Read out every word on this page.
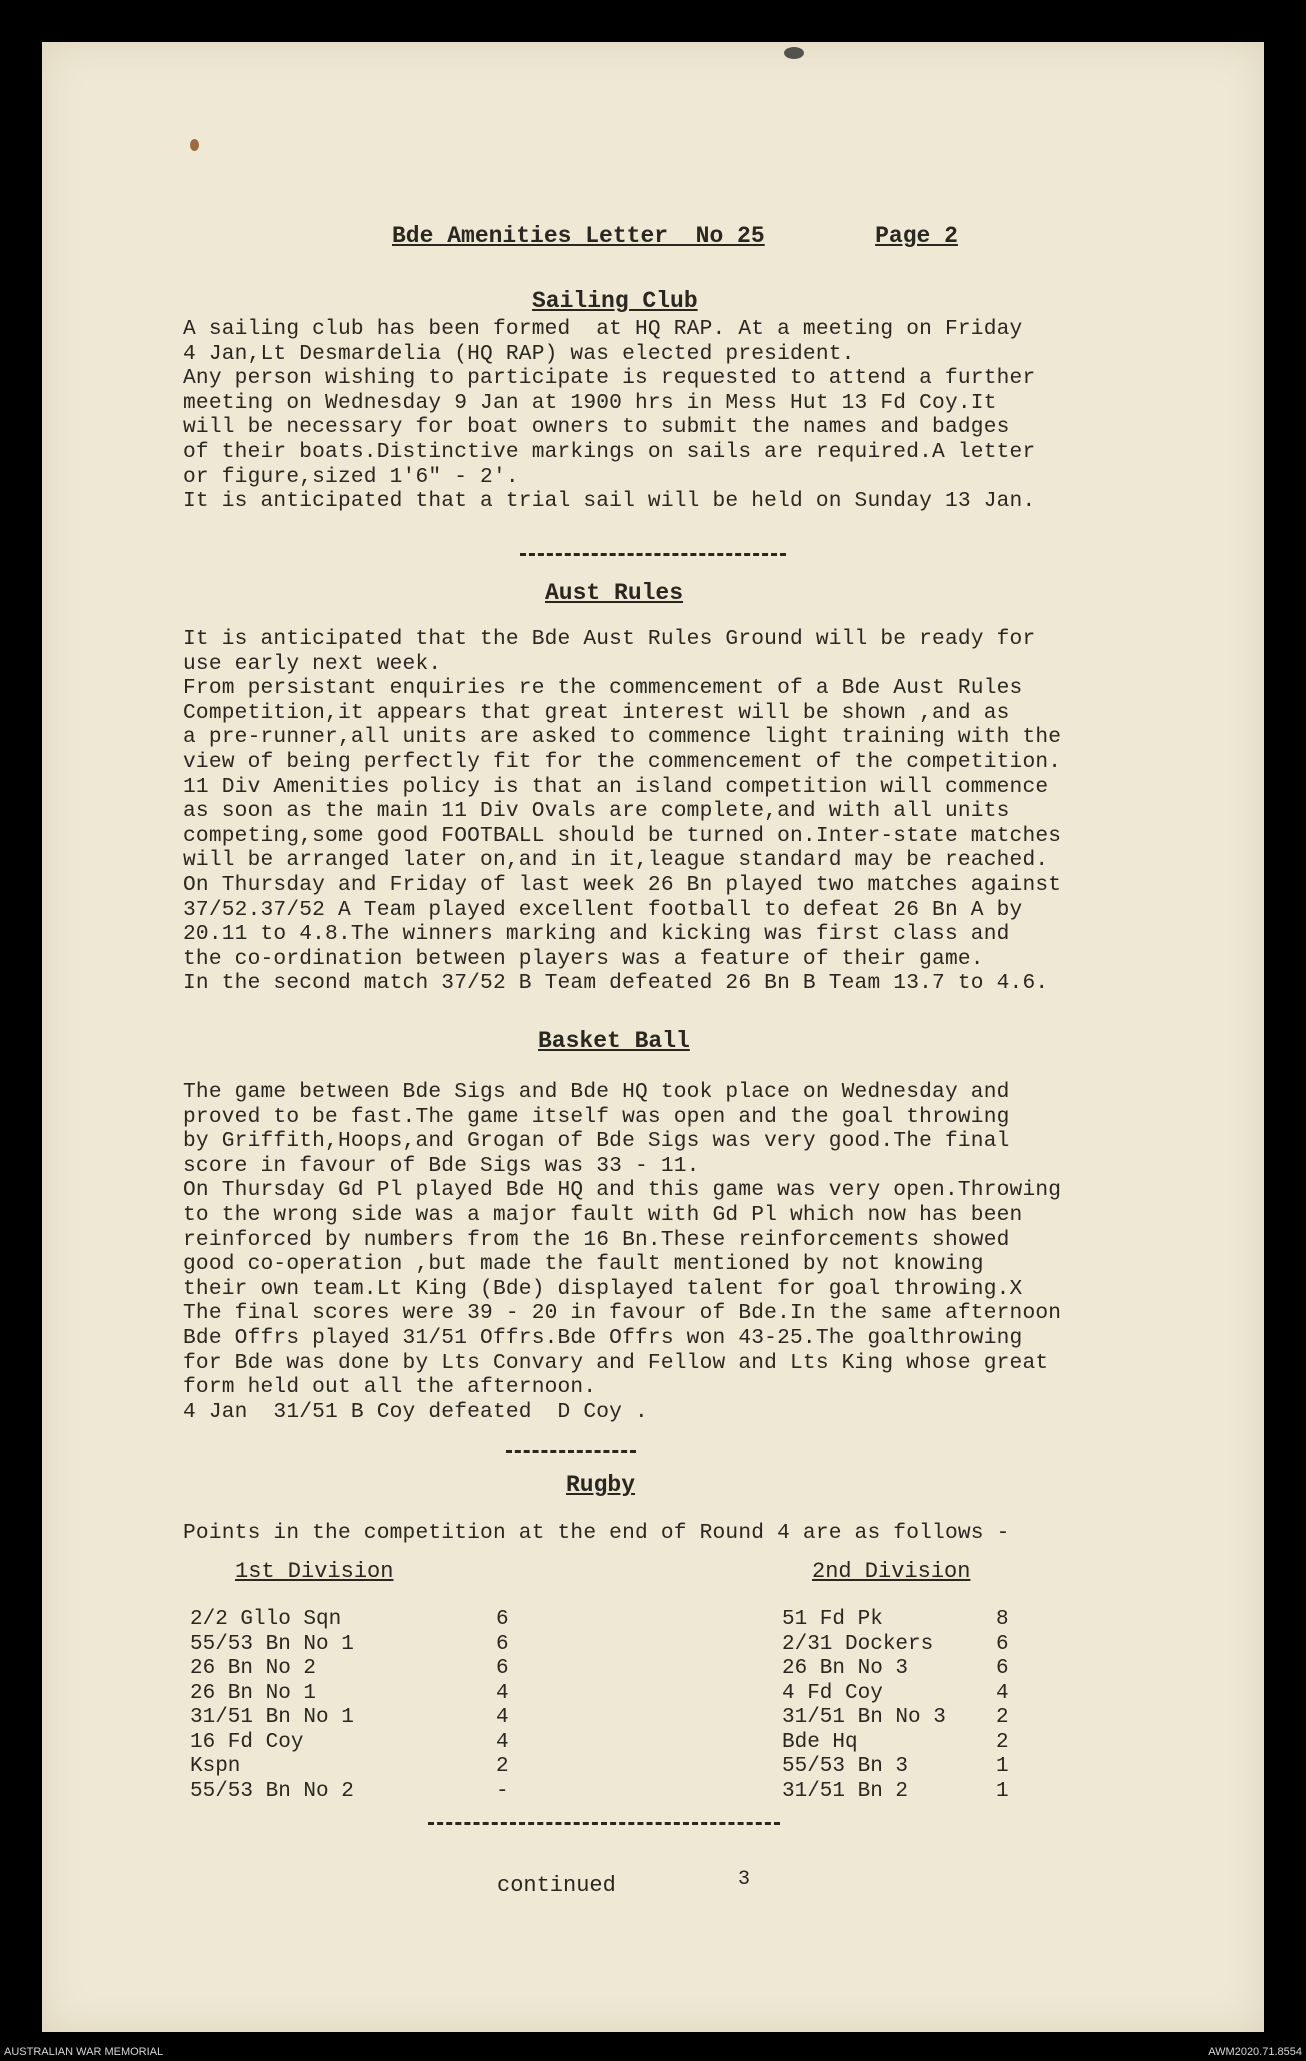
Bde Amenities Letter  No 25	Page 2
Sailing Club
A sailing club has been formed  at HQ RAP. At a meeting on Friday
4 Jan,Lt Desmardelia (HQ RAP) was elected president.
Any person wishing to participate is requested to attend a further
meeting on Wednesday 9 Jan at 1900 hrs in Mess Hut 13 Fd Coy.It
will be necessary for boat owners to submit the names and badges
of their boats.Distinctive markings on sails are required.A letter
or figure,sized 1'6" - 2'.
It is anticipated that a trial sail will be held on Sunday 13 Jan.
Aust Rules
It is anticipated that the Bde Aust Rules Ground will be ready for
use early next week.
From persistant enquiries re the commencement of a Bde Aust Rules
Competition,it appears that great interest will be shown ,and as
a pre-runner,all units are asked to commence light training with the
view of being perfectly fit for the commencement of the competition.
11 Div Amenities policy is that an island competition will commence
as soon as the main 11 Div Ovals are complete,and with all units
competing,some good FOOTBALL should be turned on.Inter-state matches
will be arranged later on,and in it,league standard may be reached.
On Thursday and Friday of last week 26 Bn played two matches against
37/52.37/52 A Team played excellent football to defeat 26 Bn A by
20.11 to 4.8.The winners marking and kicking was first class and
the co-ordination between players was a feature of their game.
In the second match 37/52 B Team defeated 26 Bn B Team 13.7 to 4.6.
Basket Ball
The game between Bde Sigs and Bde HQ took place on Wednesday and
proved to be fast.The game itself was open and the goal throwing
by Griffith,Hoops,and Grogan of Bde Sigs was very good.The final
score in favour of Bde Sigs was 33 - 11.
On Thursday Gd Pl played Bde HQ and this game was very open.Throwing
to the wrong side was a major fault with Gd Pl which now has been
reinforced by numbers from the 16 Bn.These reinforcements showed
good co-operation ,but made the fault mentioned by not knowing
their own team.Lt King (Bde) displayed talent for goal throwing.X
The final scores were 39 - 20 in favour of Bde.In the same afternoon
Bde Offrs played 31/51 Offrs.Bde Offrs won 43-25.The goalthrowing
for Bde was done by Lts Convary and Fellow and Lts King whose great
form held out all the afternoon.
4 Jan  31/51 B Coy defeated  D Coy .
Rugby
Points in the competition at the end of Round 4 are as follows -
1st Division	2nd Division
2/2 Gllo Sqn	6
55/53 Bn No 1	6
26 Bn No 2	6
26 Bn No 1	4
31/51 Bn No 1	4
16 Fd Coy	4
Kspn	2
55/53 Bn No 2	-
51 Fd Pk	8
2/31 Dockers	6
26 Bn No 3	6
4 Fd Coy	4
31/51 Bn No 3 2
Bde Hq	2
55/53 Bn 3	1
31/51 Bn 2	1
continued	3
AUSTRALIAN WAR MEMORIAL	AWM2020.71.8554
